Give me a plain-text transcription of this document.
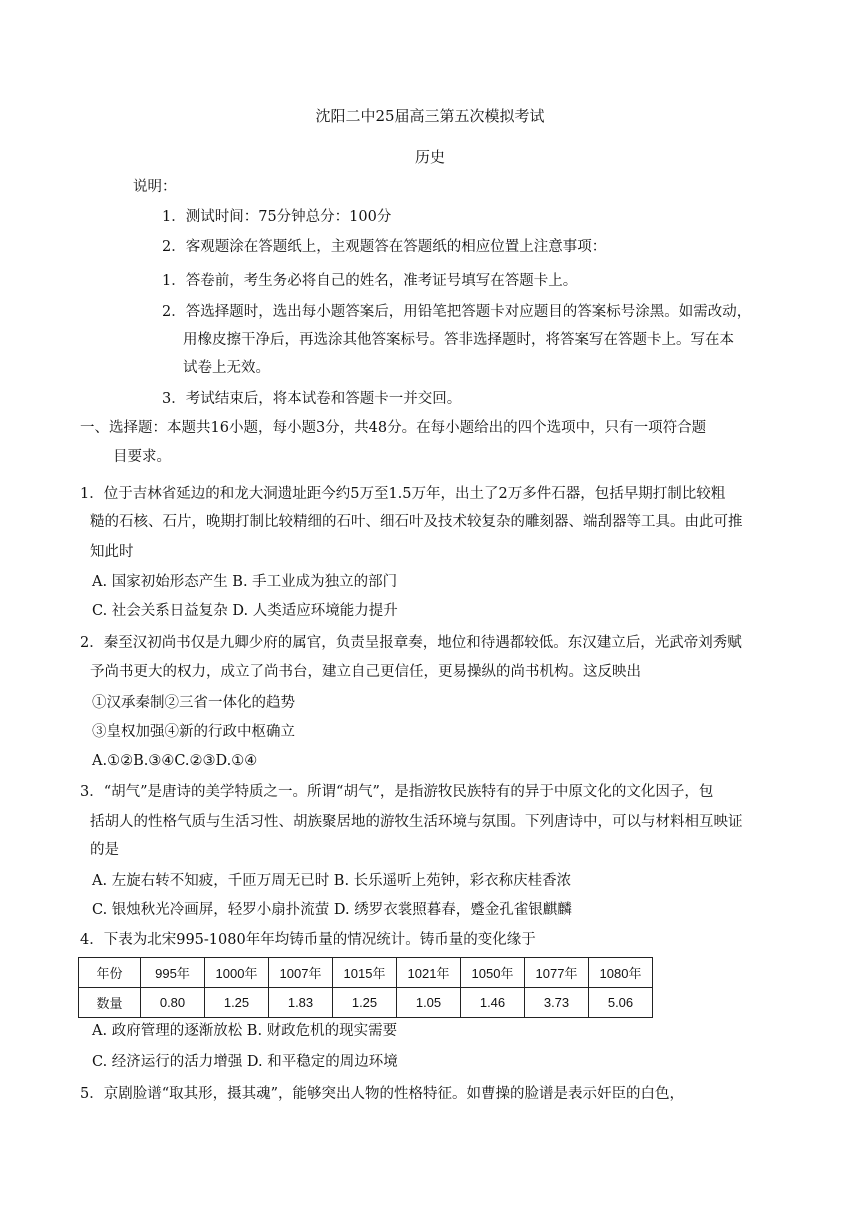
沈阳二中25届高三第五次模拟考试
历史
说明：
1．测试时间：75分钟总分：100分
2．客观题涂在答题纸上，主观题答在答题纸的相应位置上注意事项：
1．答卷前，考生务必将自己的姓名，准考证号填写在答题卡上。
2．答选择题时，选出每小题答案后，用铅笔把答题卡对应题目的答案标号涂黑。如需改动，
用橡皮擦干净后，再选涂其他答案标号。答非选择题时，将答案写在答题卡上。写在本
试卷上无效。
3．考试结束后，将本试卷和答题卡一并交回。
一、选择题：本题共16小题，每小题3分，共48分。在每小题给出的四个选项中，只有一项符合题
目要求。
1．位于吉林省延边的和龙大洞遗址距今约5万至1.5万年，出土了2万多件石器，包括早期打制比较粗
糙的石核、石片，晚期打制比较精细的石叶、细石叶及技术较复杂的雕刻器、端刮器等工具。由此可推
知此时
A. 国家初始形态产生 B. 手工业成为独立的部门
C. 社会关系日益复杂 D. 人类适应环境能力提升
2．秦至汉初尚书仅是九卿少府的属官，负责呈报章奏，地位和待遇都较低。东汉建立后，光武帝刘秀赋
予尚书更大的权力，成立了尚书台，建立自己更信任，更易操纵的尚书机构。这反映出
①汉承秦制②三省一体化的趋势
③皇权加强④新的行政中枢确立
A.①②B.③④C.②③D.①④
3．“胡气”是唐诗的美学特质之一。所谓“胡气”，是指游牧民族特有的异于中原文化的文化因子，包
括胡人的性格气质与生活习性、胡族聚居地的游牧生活环境与氛围。下列唐诗中，可以与材料相互映证
的是
A. 左旋右转不知疲，千匝万周无已时 B. 长乐遥听上苑钟，彩衣称庆桂香浓
C. 银烛秋光冷画屏，轻罗小扇扑流萤 D. 绣罗衣裳照暮春，蹙金孔雀银麒麟
4．下表为北宋995-1080年年均铸币量的情况统计。铸币量的变化缘于
年份	995年	1000年	1007年	1015年	1021年	1050年	1077年	1080年
数量	0.80	1.25	1.83	1.25	1.05	1.46	3.73	5.06
A. 政府管理的逐渐放松 B. 财政危机的现实需要
C. 经济运行的活力增强 D. 和平稳定的周边环境
5．京剧脸谱“取其形，摄其魂”，能够突出人物的性格特征。如曹操的脸谱是表示奸臣的白色，
